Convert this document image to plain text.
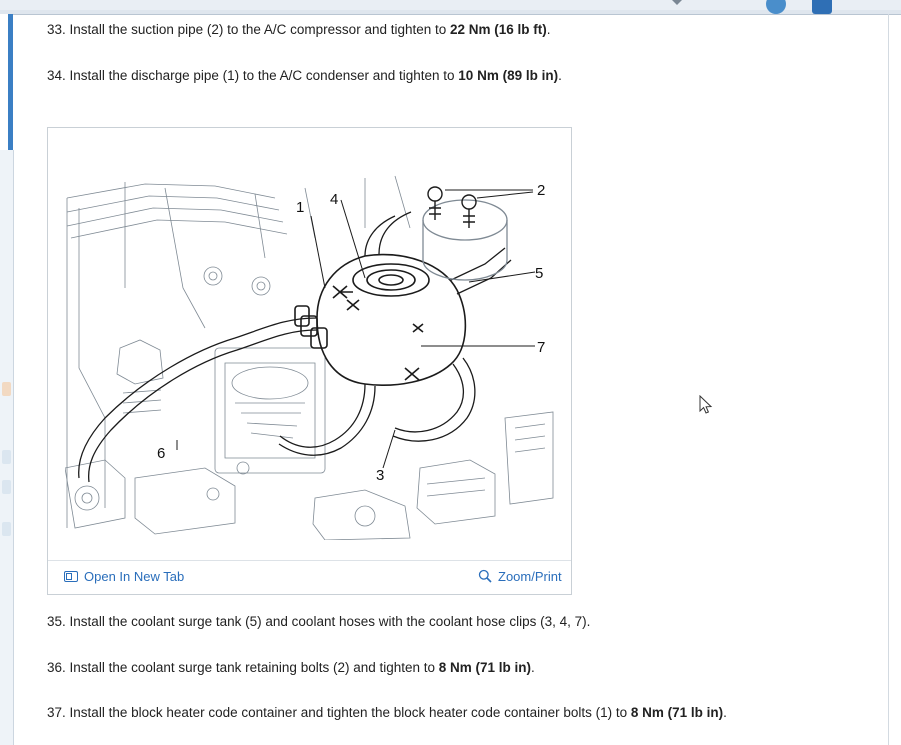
33. Install the suction pipe (2) to the A/C compressor and tighten to 22 Nm (16 lb ft).

34. Install the discharge pipe (1) to the A/C condenser and tighten to 10 Nm (89 lb in).

1
2
3
4
5
6
7
Open In New Tab	Zoom/Print

35. Install the coolant surge tank (5) and coolant hoses with the coolant hose clips (3, 4, 7).

36. Install the coolant surge tank retaining bolts (2) and tighten to 8 Nm (71 lb in).

37. Install the block heater code container and tighten the block heater code container bolts (1) to 8 Nm (71 lb in).
